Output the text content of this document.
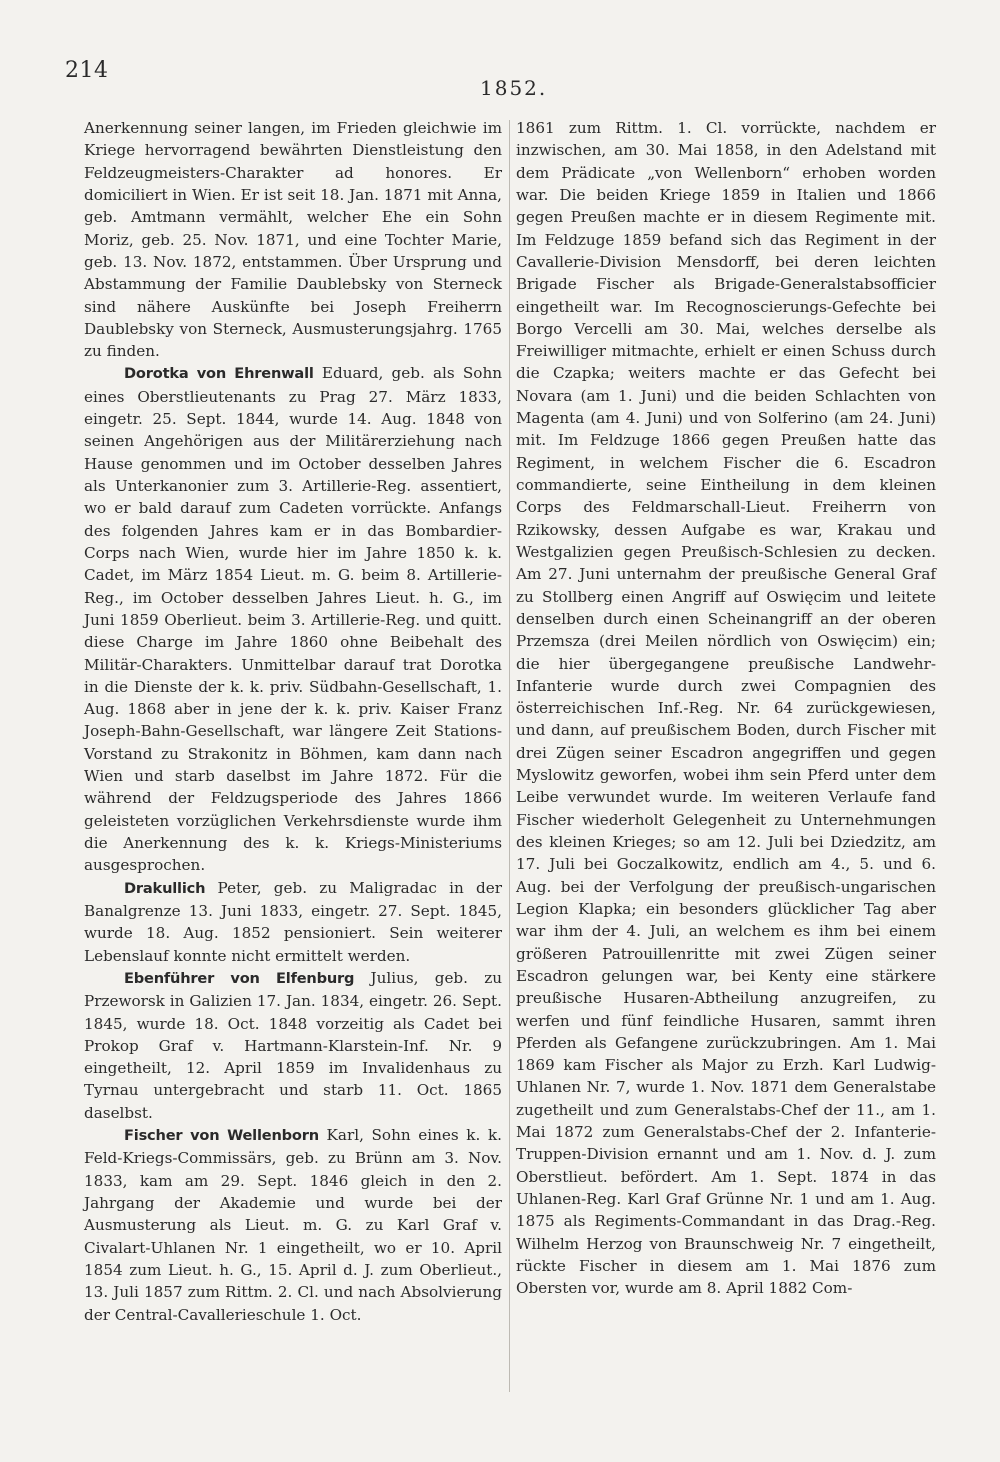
214
1852.

Anerkennung seiner langen, im Frieden gleichwie im Kriege hervorragend bewährten Dienstleistung den Feldzeugmeisters-Charakter ad honores. Er domiciliert in Wien. Er ist seit 18. Jan. 1871 mit Anna, geb. Amtmann vermählt, welcher Ehe ein Sohn Moriz, geb. 25. Nov. 1871, und eine Tochter Marie, geb. 13. Nov. 1872, entstammen. Über Ursprung und Abstammung der Familie Daublebsky von Sterneck sind nähere Auskünfte bei Joseph Freiherrn Daublebsky von Sterneck, Ausmusterungsjahrg. 1765 zu finden.

Dorotka von Ehrenwall Eduard, geb. als Sohn eines Oberstlieutenants zu Prag 27. März 1833, eingetr. 25. Sept. 1844, wurde 14. Aug. 1848 von seinen Angehörigen aus der Militärerziehung nach Hause genommen und im October desselben Jahres als Unterkanonier zum 3. Artillerie-Reg. assentiert, wo er bald darauf zum Cadeten vorrückte. Anfangs des folgenden Jahres kam er in das Bombardier-Corps nach Wien, wurde hier im Jahre 1850 k. k. Cadet, im März 1854 Lieut. m. G. beim 8. Artillerie-Reg., im October desselben Jahres Lieut. h. G., im Juni 1859 Oberlieut. beim 3. Artillerie-Reg. und quitt. diese Charge im Jahre 1860 ohne Beibehalt des Militär-Charakters. Unmittelbar darauf trat Dorotka in die Dienste der k. k. priv. Südbahn-Gesellschaft, 1. Aug. 1868 aber in jene der k. k. priv. Kaiser Franz Joseph-Bahn-Gesellschaft, war längere Zeit Stations-Vorstand zu Strakonitz in Böhmen, kam dann nach Wien und starb daselbst im Jahre 1872. Für die während der Feldzugsperiode des Jahres 1866 geleisteten vorzüglichen Verkehrsdienste wurde ihm die Anerkennung des k. k. Kriegs-Ministeriums ausgesprochen.

Drakullich Peter, geb. zu Maligradac in der Banalgrenze 13. Juni 1833, eingetr. 27. Sept. 1845, wurde 18. Aug. 1852 pensioniert. Sein weiterer Lebenslauf konnte nicht ermittelt werden.

Ebenführer von Elfenburg Julius, geb. zu Przeworsk in Galizien 17. Jan. 1834, eingetr. 26. Sept. 1845, wurde 18. Oct. 1848 vorzeitig als Cadet bei Prokop Graf v. Hartmann-Klarstein-Inf. Nr. 9 eingetheilt, 12. April 1859 im Invalidenhaus zu Tyrnau untergebracht und starb 11. Oct. 1865 daselbst.

Fischer von Wellenborn Karl, Sohn eines k. k. Feld-Kriegs-Commissärs, geb. zu Brünn am 3. Nov. 1833, kam am 29. Sept. 1846 gleich in den 2. Jahrgang der Akademie und wurde bei der Ausmusterung als Lieut. m. G. zu Karl Graf v. Civalart-Uhlanen Nr. 1 eingetheilt, wo er 10. April 1854 zum Lieut. h. G., 15. April d. J. zum Oberlieut., 13. Juli 1857 zum Rittm. 2. Cl. und nach Absolvierung der Central-Cavallerieschule 1. Oct.

1861 zum Rittm. 1. Cl. vorrückte, nachdem er inzwischen, am 30. Mai 1858, in den Adelstand mit dem Prädicate „von Wellenborn“ erhoben worden war. Die beiden Kriege 1859 in Italien und 1866 gegen Preußen machte er in diesem Regimente mit. Im Feldzuge 1859 befand sich das Regiment in der Cavallerie-Division Mensdorff, bei deren leichten Brigade Fischer als Brigade-Generalstabsofficier eingetheilt war. Im Recognoscierungs-Gefechte bei Borgo Vercelli am 30. Mai, welches derselbe als Freiwilliger mitmachte, erhielt er einen Schuss durch die Czapka; weiters machte er das Gefecht bei Novara (am 1. Juni) und die beiden Schlachten von Magenta (am 4. Juni) und von Solferino (am 24. Juni) mit. Im Feldzuge 1866 gegen Preußen hatte das Regiment, in welchem Fischer die 6. Escadron commandierte, seine Eintheilung in dem kleinen Corps des Feldmarschall-Lieut. Freiherrn von Rzikowsky, dessen Aufgabe es war, Krakau und Westgalizien gegen Preußisch-Schlesien zu decken. Am 27. Juni unternahm der preußische General Graf zu Stollberg einen Angriff auf Oswięcim und leitete denselben durch einen Scheinangriff an der oberen Przemsza (drei Meilen nördlich von Oswięcim) ein; die hier übergegangene preußische Landwehr-Infanterie wurde durch zwei Compagnien des österreichischen Inf.-Reg. Nr. 64 zurückgewiesen, und dann, auf preußischem Boden, durch Fischer mit drei Zügen seiner Escadron angegriffen und gegen Myslowitz geworfen, wobei ihm sein Pferd unter dem Leibe verwundet wurde. Im weiteren Verlaufe fand Fischer wiederholt Gelegenheit zu Unternehmungen des kleinen Krieges; so am 12. Juli bei Dziedzitz, am 17. Juli bei Goczalkowitz, endlich am 4., 5. und 6. Aug. bei der Verfolgung der preußisch-ungarischen Legion Klapka; ein besonders glücklicher Tag aber war ihm der 4. Juli, an welchem es ihm bei einem größeren Patrouillenritte mit zwei Zügen seiner Escadron gelungen war, bei Kenty eine stärkere preußische Husaren-Abtheilung anzugreifen, zu werfen und fünf feindliche Husaren, sammt ihren Pferden als Gefangene zurückzubringen. Am 1. Mai 1869 kam Fischer als Major zu Erzh. Karl Ludwig-Uhlanen Nr. 7, wurde 1. Nov. 1871 dem Generalstabe zugetheilt und zum Generalstabs-Chef der 11., am 1. Mai 1872 zum Generalstabs-Chef der 2. Infanterie-Truppen-Division ernannt und am 1. Nov. d. J. zum Oberstlieut. befördert. Am 1. Sept. 1874 in das Uhlanen-Reg. Karl Graf Grünne Nr. 1 und am 1. Aug. 1875 als Regiments-Commandant in das Drag.-Reg. Wilhelm Herzog von Braunschweig Nr. 7 eingetheilt, rückte Fischer in diesem am 1. Mai 1876 zum Obersten vor, wurde am 8. April 1882 Com-
